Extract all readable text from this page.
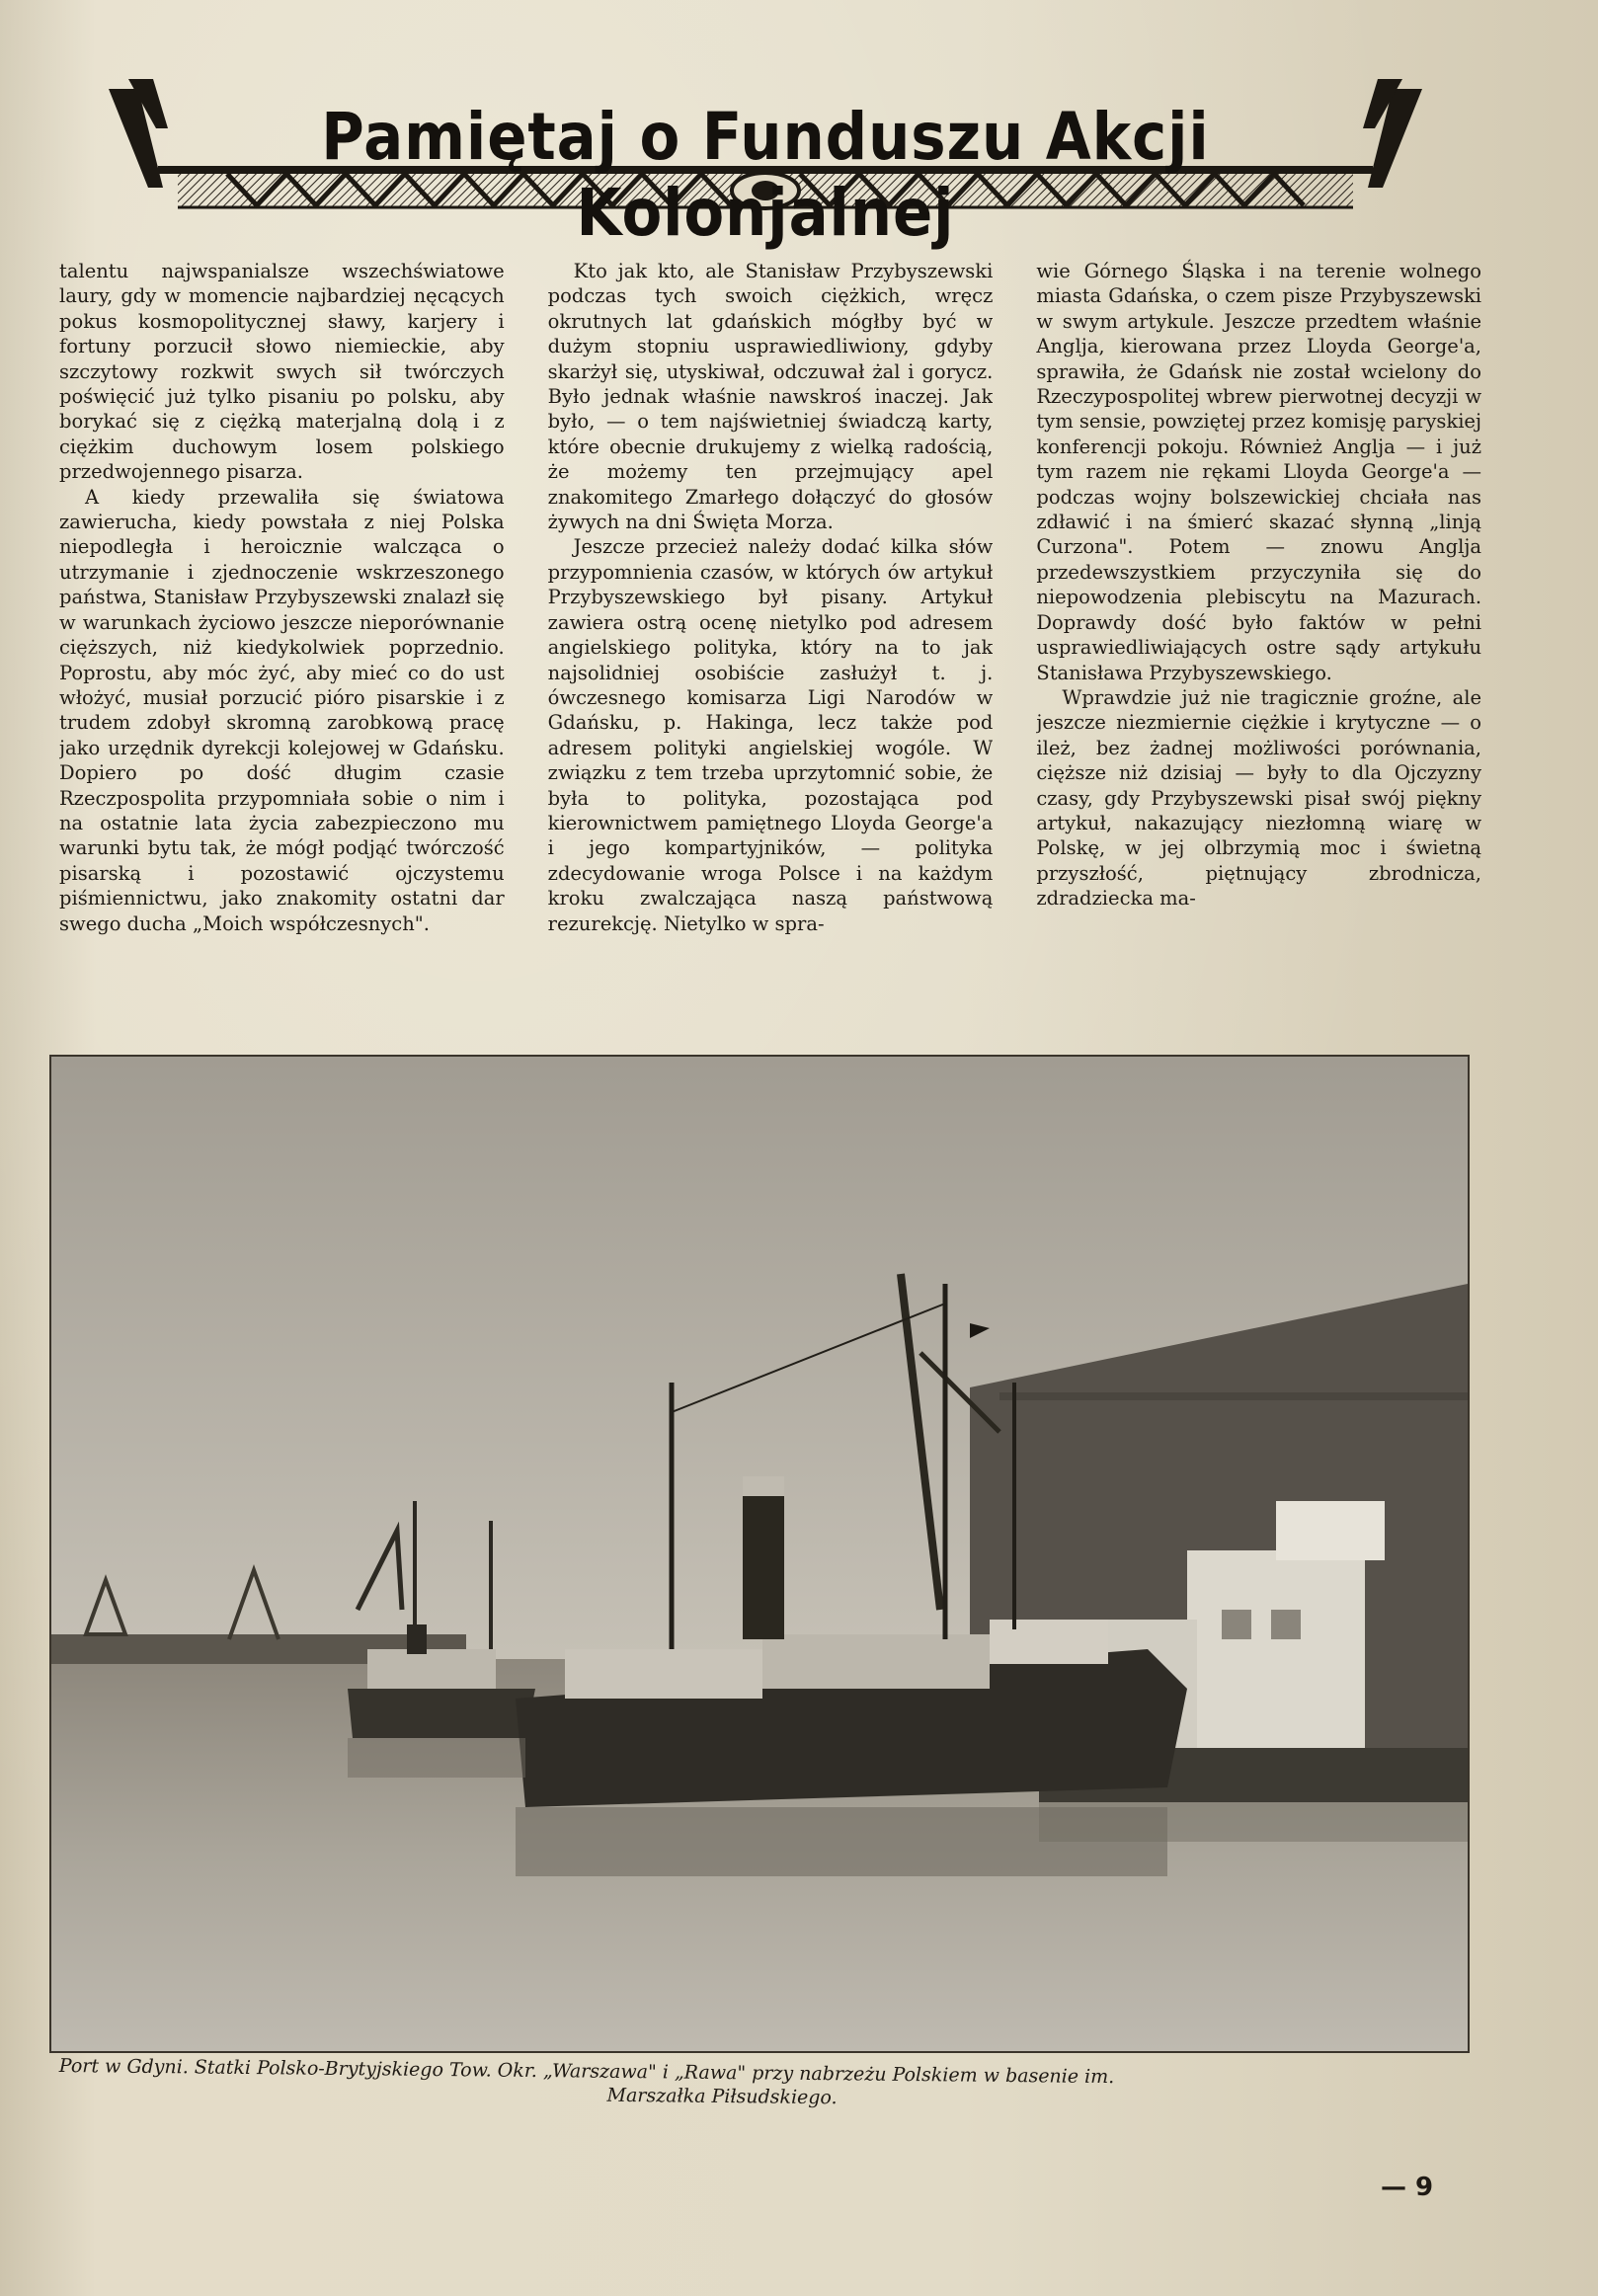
Pamiętaj o Funduszu Akcji Kolonjalnej

talentu najwspanialsze wszechświatowe laury, gdy w momencie najbardziej nęcących pokus kosmopolitycznej sławy, karjery i fortuny porzucił słowo niemieckie, aby szczytowy rozkwit swych sił twórczych poświęcić już tylko pisaniu po polsku, aby borykać się z ciężką materjalną dolą i z ciężkim duchowym losem polskiego przedwojennego pisarza.

A kiedy przewaliła się światowa zawierucha, kiedy powstała z niej Polska niepodległa i heroicznie walcząca o utrzymanie i zjednoczenie wskrzeszonego państwa, Stanisław Przybyszewski znalazł się w warunkach życiowo jeszcze nieporównanie cięższych, niż kiedykolwiek poprzednio. Poprostu, aby móc żyć, aby mieć co do ust włożyć, musiał porzucić pióro pisarskie i z trudem zdobył skromną zarobkową pracę jako urzędnik dyrekcji kolejowej w Gdańsku. Dopiero po dość długim czasie Rzeczpospolita przypomniała sobie o nim i na ostatnie lata życia zabezpieczono mu warunki bytu tak, że mógł podjąć twórczość pisarską i pozostawić ojczystemu piśmiennictwu, jako znakomity ostatni dar swego ducha „Moich współczesnych".

Kto jak kto, ale Stanisław Przybyszewski podczas tych swoich ciężkich, wręcz okrutnych lat gdańskich mógłby być w dużym stopniu usprawiedliwiony, gdyby skarżył się, utyskiwał, odczuwał żal i gorycz. Było jednak właśnie nawskroś inaczej. Jak było, — o tem najświetniej świadczą karty, które obecnie drukujemy z wielką radością, że możemy ten przejmujący apel znakomitego Zmarłego dołączyć do głosów żywych na dni Święta Morza.

Jeszcze przecież należy dodać kilka słów przypomnienia czasów, w których ów artykuł Przybyszewskiego był pisany. Artykuł zawiera ostrą ocenę nietylko pod adresem angielskiego polityka, który na to jak najsolidniej osobiście zasłużył t. j. ówczesnego komisarza Ligi Narodów w Gdańsku, p. Hakinga, lecz także pod adresem polityki angielskiej wogóle. W związku z tem trzeba uprzytomnić sobie, że była to polityka, pozostająca pod kierownictwem pamiętnego Lloyda George'a i jego kompartyjników, — polityka zdecydowanie wroga Polsce i na każdym kroku zwalczająca naszą państwową rezurekcję. Nietylko w spra-

wie Górnego Śląska i na terenie wolnego miasta Gdańska, o czem pisze Przybyszewski w swym artykule. Jeszcze przedtem właśnie Anglja, kierowana przez Lloyda George'a, sprawiła, że Gdańsk nie został wcielony do Rzeczypospolitej wbrew pierwotnej decyzji w tym sensie, powziętej przez komisję paryskiej konferencji pokoju. Również Anglja — i już tym razem nie rękami Lloyda George'a — podczas wojny bolszewickiej chciała nas zdławić i na śmierć skazać słynną „linją Curzona". Potem — znowu Anglja przedewszystkiem przyczyniła się do niepowodzenia plebiscytu na Mazurach. Doprawdy dość było faktów w pełni usprawiedliwiających ostre sądy artykułu Stanisława Przybyszewskiego.

Wprawdzie już nie tragicznie groźne, ale jeszcze niezmiernie ciężkie i krytyczne — o ileż, bez żadnej możliwości porównania, cięższe niż dzisiaj — były to dla Ojczyzny czasy, gdy Przybyszewski pisał swój piękny artykuł, nakazujący niezłomną wiarę w Polskę, w jej olbrzymią moc i świetną przyszłość, piętnujący zbrodnicza, zdradziecka ma-

Port w Gdyni. Statki Polsko-Brytyjskiego Tow. Okr. „Warszawa" i „Rawa" przy nabrzeżu Polskiem w basenie im.
Marszałka Piłsudskiego.
— 9
